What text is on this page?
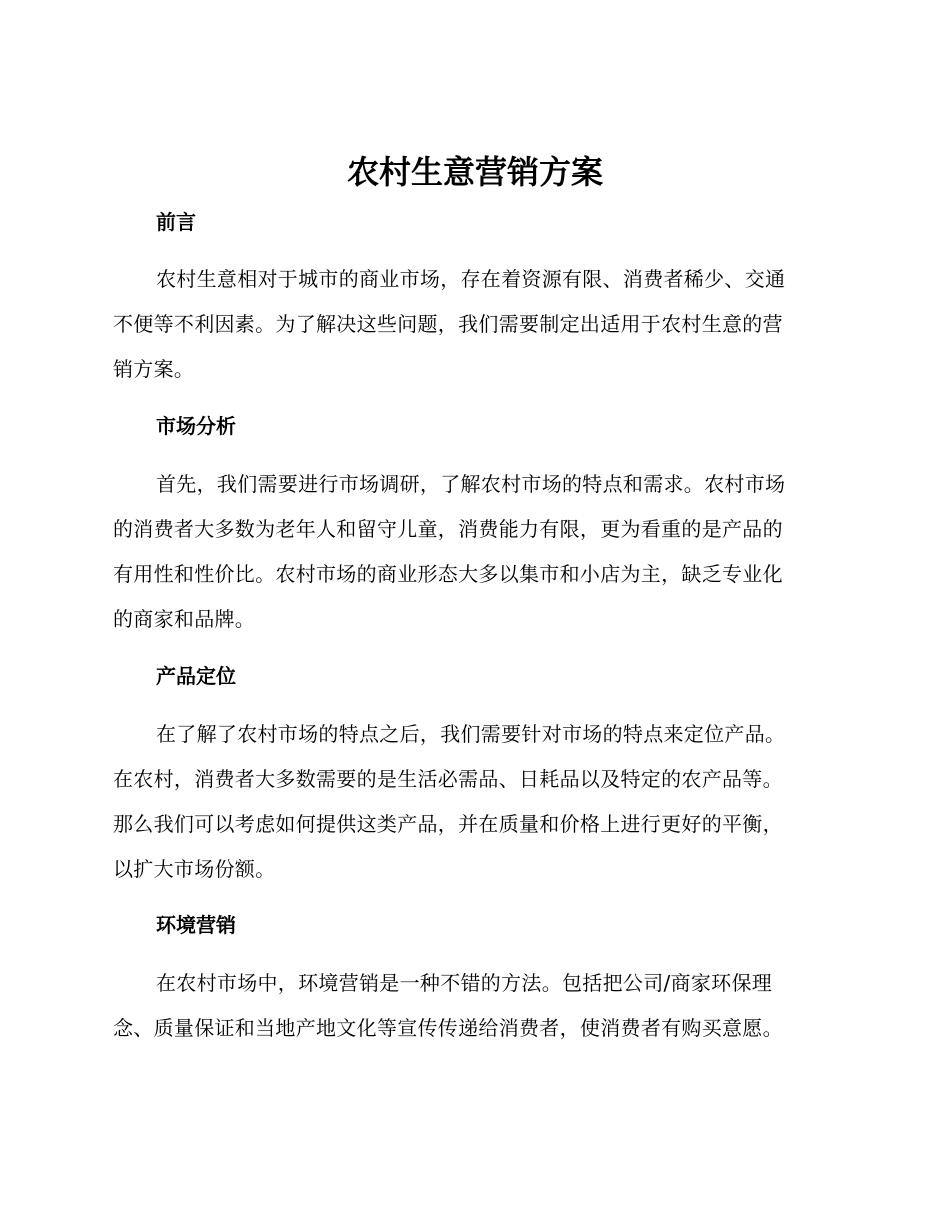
农村生意营销方案
前言

农村生意相对于城市的商业市场，存在着资源有限、消费者稀少、交通
不便等不利因素。为了解决这些问题，我们需要制定出适用于农村生意的营
销方案。

市场分析

首先，我们需要进行市场调研，了解农村市场的特点和需求。农村市场
的消费者大多数为老年人和留守儿童，消费能力有限，更为看重的是产品的
有用性和性价比。农村市场的商业形态大多以集市和小店为主，缺乏专业化
的商家和品牌。

产品定位

在了解了农村市场的特点之后，我们需要针对市场的特点来定位产品。
在农村，消费者大多数需要的是生活必需品、日耗品以及特定的农产品等。
那么我们可以考虑如何提供这类产品，并在质量和价格上进行更好的平衡，
以扩大市场份额。

环境营销

在农村市场中，环境营销是一种不错的方法。包括把公司/商家环保理
念、质量保证和当地产地文化等宣传传递给消费者，使消费者有购买意愿。
